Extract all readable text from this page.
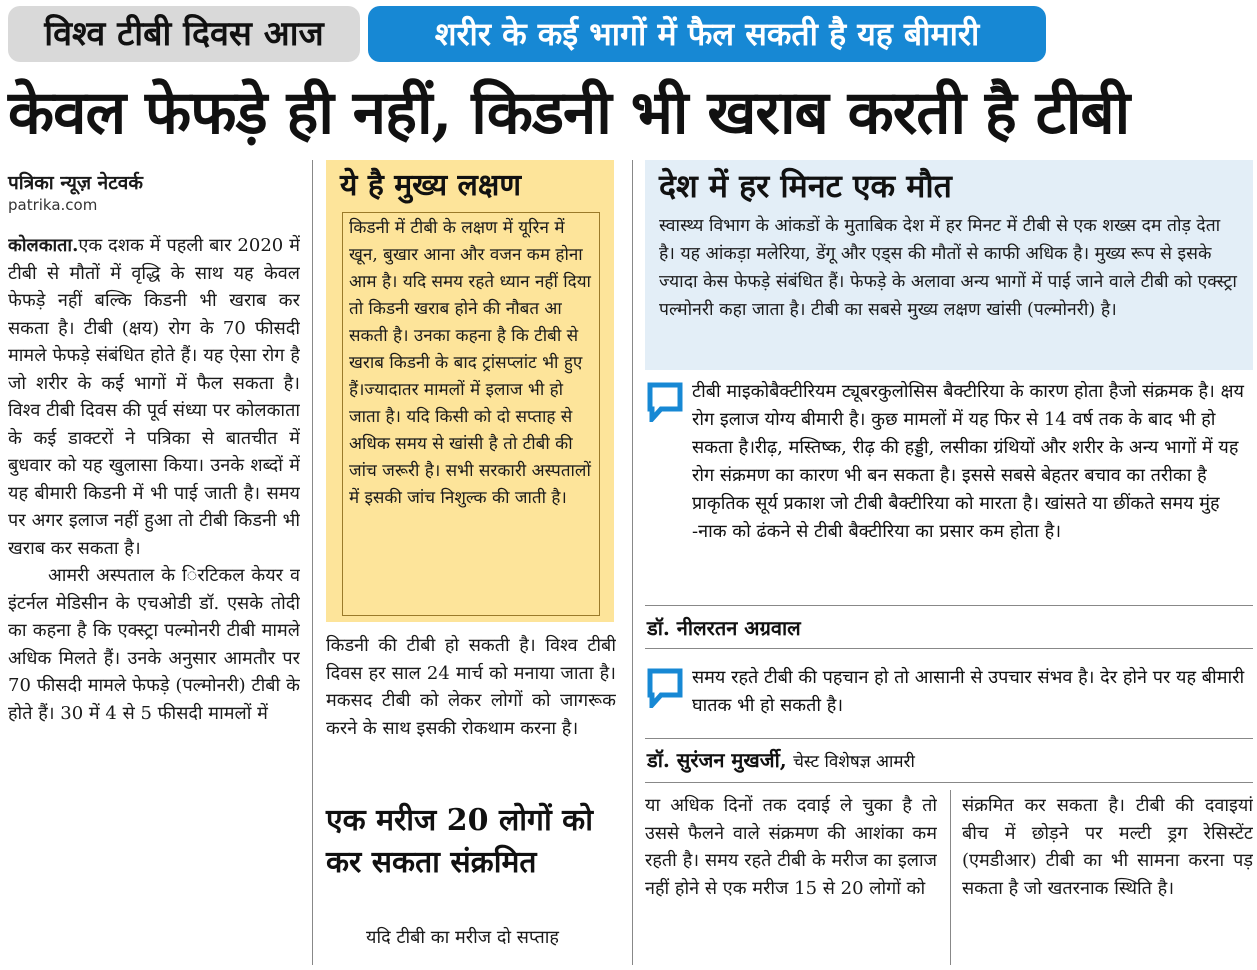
विश्व टीबी दिवस आज	शरीर के कई भागों में फैल सकती है यह बीमारी
केवल फेफड़े ही नहीं, किडनी भी खराब करती है टीबी
पत्रिका न्यूज़ नेटवर्क
patrika.com

कोलकाता.एक दशक में पहली बार 2020 में टीबी से मौतों में वृद्धि के साथ यह केवल फेफड़े नहीं बल्कि किडनी भी खराब कर सकता है। टीबी (क्षय) रोग के 70 फीसदी मामले फेफड़े संबंधित होते हैं। यह ऐसा रोग है जो शरीर के कई भागों में फैल सकता है। विश्व टीबी दिवस की पूर्व संध्या पर कोलकाता के कई डाक्टरों ने पत्रिका से बातचीत में बुधवार को यह खुलासा किया। उनके शब्दों में यह बीमारी किडनी में भी पाई जाती है। समय पर अगर इलाज नहीं हुआ तो टीबी किडनी भी खराब कर सकता है।

आमरी अस्पताल के ​िरटिकल केयर व इंटर्नल मेडिसीन के एचओडी डॉ. एसके तोदी का कहना है कि एक्स्ट्रा पल्मोनरी टीबी मामले अधिक मिलते हैं। उनके अनुसार आमतौर पर 70 फीसदी मामले फेफड़े (पल्मोनरी) टीबी के होते हैं। 30 में 4 से 5 फीसदी मामलों में

ये है मुख्य लक्षण
किडनी में टीबी के लक्षण में यूरिन में खून, बुखार आना और वजन कम होना आम है। यदि समय रहते ध्यान नहीं दिया तो किडनी खराब होने की नौबत आ सकती है। उनका कहना है कि टीबी से खराब किडनी के बाद ट्रांसप्लांट भी हुए हैं।ज्यादातर मामलों में इलाज भी हो जाता है। यदि किसी को दो सप्ताह से अधिक समय से खांसी है तो टीबी की जांच जरूरी है। सभी सरकारी अस्पतालों में इसकी जांच निशुल्क की जाती है।

किडनी की टीबी हो सकती है। विश्व टीबी दिवस हर साल 24 मार्च को मनाया जाता है। मकसद टीबी को लेकर लोगों को जागरूक करने के साथ इसकी रोकथाम करना है।

एक मरीज 20 लोगों को कर सकता संक्रमित

यदि टीबी का मरीज दो सप्ताह

देश में हर मिनट एक मौत
स्वास्थ्य विभाग के आंकडों के मुताबिक देश में हर मिनट में टीबी से एक शख्स दम तोड़ देता है। यह आंकड़ा मलेरिया, डेंगू और एड्स की मौतों से काफी अधिक है। मुख्य रूप से इसके ज्यादा केस फेफड़े संबंधित हैं। फेफड़े के अलावा अन्य भागों में पाई जाने वाले टीबी को एक्स्ट्रा पल्मोनरी कहा जाता है। टीबी का सबसे मुख्य लक्षण खांसी (पल्मोनरी) है।
टीबी माइकोबैक्टीरियम ट्यूबरकुलोसिस बैक्टीरिया के कारण होता हैजो संक्रमक है। क्षय रोग इलाज योग्य बीमारी है। कुछ मामलों में यह फिर से 14 वर्ष तक के बाद भी हो सकता है।रीढ़, मस्तिष्क, रीढ़ की हड्डी, लसीका ग्रंथियों और शरीर के अन्य भागों में यह रोग संक्रमण का कारण भी बन सकता है। इससे सबसे बेहतर बचाव का तरीका है प्राकृतिक सूर्य प्रकाश जो टीबी बैक्टीरिया को मारता है। खांसते या छींकते समय मुंह -नाक को ढंकने से टीबी बैक्टीरिया का प्रसार कम होता है।
डॉ. नीलरतन अग्रवाल
समय रहते टीबी की पहचान हो तो आसानी से उपचार संभव है। देर होने पर यह बीमारी घातक भी हो सकती है।
डॉ. सुरंजन मुखर्जी, चेस्ट विशेषज्ञ आमरी

या अधिक दिनों तक दवाई ले चुका है तो उससे फैलने वाले संक्रमण की आशंका कम रहती है। समय रहते टीबी के मरीज का इलाज नहीं होने से एक मरीज 15 से 20 लोगों को

संक्रमित कर सकता है। टीबी की दवाइयां बीच में छोड़ने पर मल्टी ड्रग रेसिस्टेंट (एमडीआर) टीबी का भी सामना करना पड़ सकता है जो खतरनाक स्थिति है।
